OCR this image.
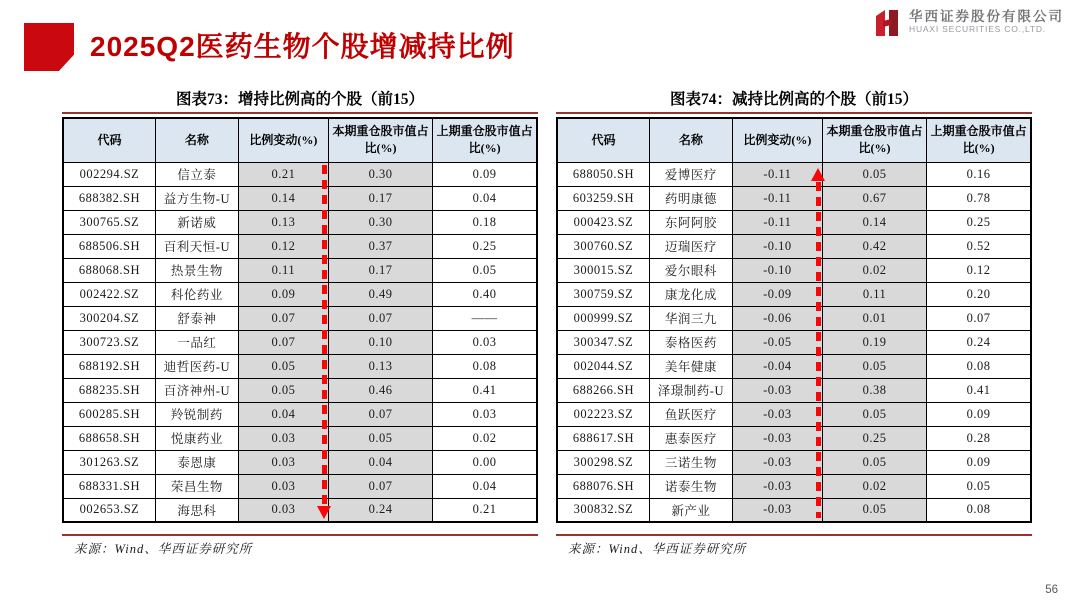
2025Q2医药生物个股增减持比例
华西证券股份有限公司
HUAXI SECURITIES CO.,LTD.
图表73：增持比例高的个股（前15）
代码	名称	比例变动(%)	本期重仓股市值占比(%)	上期重仓股市值占比(%)
002294.SZ	信立泰	0.21	0.30	0.09
688382.SH	益方生物-U	0.14	0.17	0.04
300765.SZ	新诺威	0.13	0.30	0.18
688506.SH	百利天恒-U	0.12	0.37	0.25
688068.SH	热景生物	0.11	0.17	0.05
002422.SZ	科伦药业	0.09	0.49	0.40
300204.SZ	舒泰神	0.07	0.07	——
300723.SZ	一品红	0.07	0.10	0.03
688192.SH	迪哲医药-U	0.05	0.13	0.08
688235.SH	百济神州-U	0.05	0.46	0.41
600285.SH	羚锐制药	0.04	0.07	0.03
688658.SH	悦康药业	0.03	0.05	0.02
301263.SZ	泰恩康	0.03	0.04	0.00
688331.SH	荣昌生物	0.03	0.07	0.04
002653.SZ	海思科	0.03	0.24	0.21
来源：Wind、华西证券研究所
图表74：减持比例高的个股（前15）
代码	名称	比例变动(%)	本期重仓股市值占比(%)	上期重仓股市值占比(%)
688050.SH	爱博医疗	-0.11	0.05	0.16
603259.SH	药明康德	-0.11	0.67	0.78
000423.SZ	东阿阿胶	-0.11	0.14	0.25
300760.SZ	迈瑞医疗	-0.10	0.42	0.52
300015.SZ	爱尔眼科	-0.10	0.02	0.12
300759.SZ	康龙化成	-0.09	0.11	0.20
000999.SZ	华润三九	-0.06	0.01	0.07
300347.SZ	泰格医药	-0.05	0.19	0.24
002044.SZ	美年健康	-0.04	0.05	0.08
688266.SH	泽璟制药-U	-0.03	0.38	0.41
002223.SZ	鱼跃医疗	-0.03	0.05	0.09
688617.SH	惠泰医疗	-0.03	0.25	0.28
300298.SZ	三诺生物	-0.03	0.05	0.09
688076.SH	诺泰生物	-0.03	0.02	0.05
300832.SZ	新产业	-0.03	0.05	0.08
来源：Wind、华西证券研究所
56
